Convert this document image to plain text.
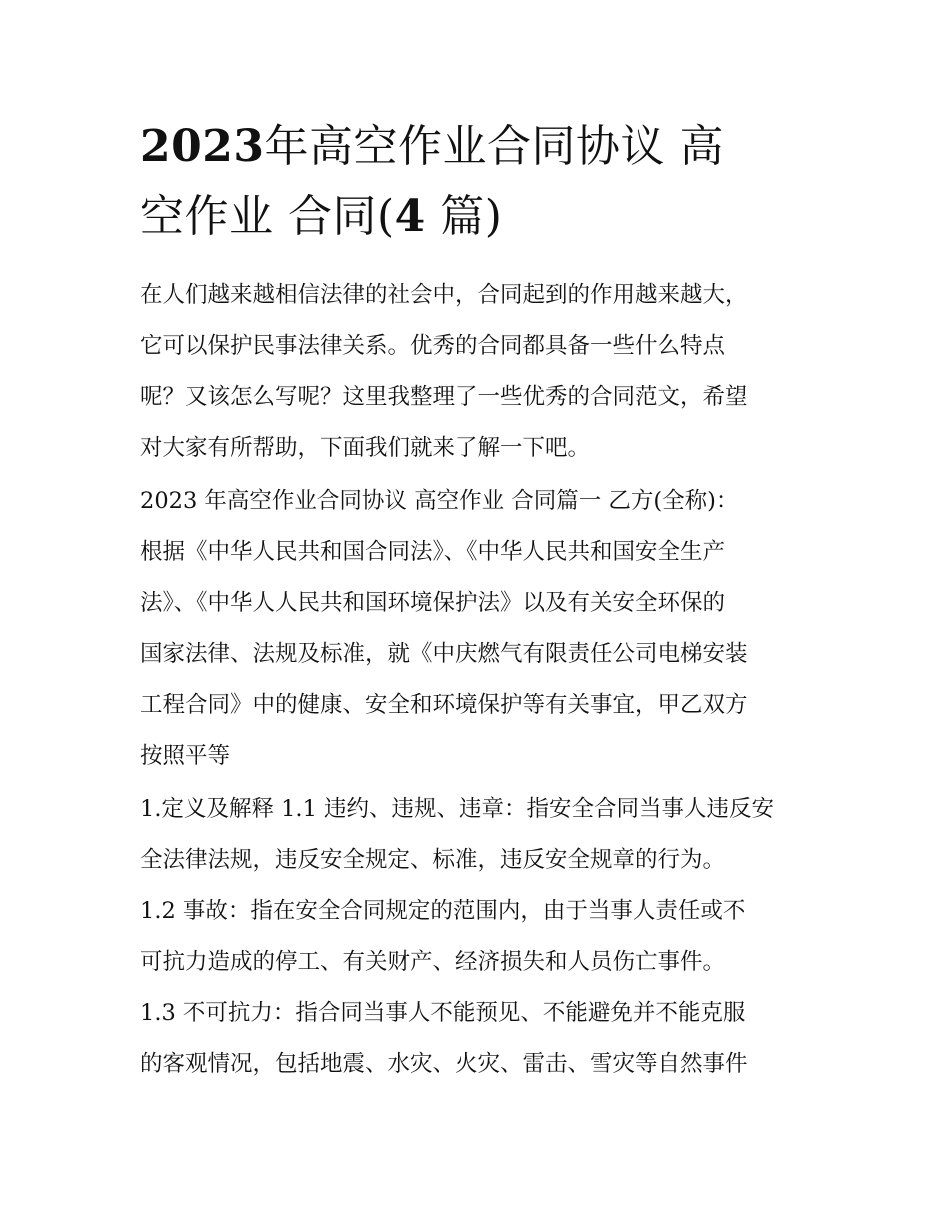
2023年高空作业合同协议 高
空作业 合同(4 篇)

在人们越来越相信法律的社会中，合同起到的作用越来越大，
它可以保护民事法律关系。优秀的合同都具备一些什么特点
呢？又该怎么写呢？这里我整理了一些优秀的合同范文，希望
对大家有所帮助，下面我们就来了解一下吧。

2023 年高空作业合同协议 高空作业 合同篇一 乙方(全称)：
根据《中华人民共和国合同法》、《中华人民共和国安全生产
法》、《中华人人民共和国环境保护法》以及有关安全环保的
国家法律、法规及标准，就《中庆燃气有限责任公司电梯安装
工程合同》中的健康、安全和环境保护等有关事宜，甲乙双方
按照平等

1.定义及解释 1.1 违约、违规、违章：指安全合同当事人违反安
全法律法规，违反安全规定、标准，违反安全规章的行为。

1.2 事故：指在安全合同规定的范围内，由于当事人责任或不
可抗力造成的停工、有关财产、经济损失和人员伤亡事件。

1.3 不可抗力：指合同当事人不能预见、不能避免并不能克服
的客观情况，包括地震、水灾、火灾、雷击、雪灾等自然事件
